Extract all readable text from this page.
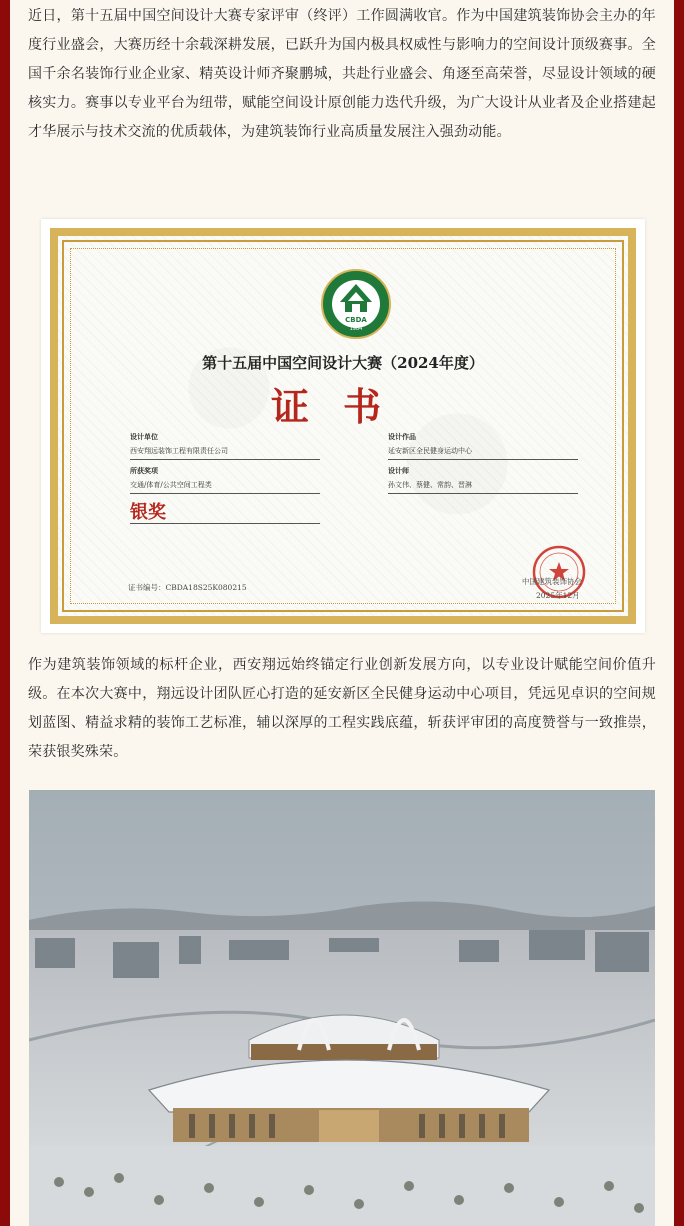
近日，第十五届中国空间设计大赛专家评审（终评）工作圆满收官。作为中国建筑装饰协会主办的年度行业盛会，大赛历经十余载深耕发展，已跃升为国内极具权威性与影响力的空间设计顶级赛事。全国千余名装饰行业企业家、精英设计师齐聚鹏城，共赴行业盛会、角逐至高荣誉，尽显设计领域的硬核实力。赛事以专业平台为纽带，赋能空间设计原创能力迭代升级，为广大设计从业者及企业搭建起才华展示与技术交流的优质载体，为建筑装饰行业高质量发展注入强劲动能。
CBDA
1984
第十五届中国空间设计大赛（2024年度）
证书
设计单位
西安翔远装饰工程有限责任公司
设计作品
延安新区全民健身运动中心
所获奖项
交通/体育/公共空间工程类
设计师
孙文伟、蔡健、常韵、晋淋
银奖
证书编号：CBDA18S25K080215
中国建筑装饰协会
2025年12月
作为建筑装饰领域的标杆企业，西安翔远始终锚定行业创新发展方向，以专业设计赋能空间价值升级。在本次大赛中，翔远设计团队匠心打造的延安新区全民健身运动中心项目，凭远见卓识的空间规划蓝图、精益求精的装饰工艺标准，辅以深厚的工程实践底蕴，斩获评审团的高度赞誉与一致推崇，荣获银奖殊荣。
